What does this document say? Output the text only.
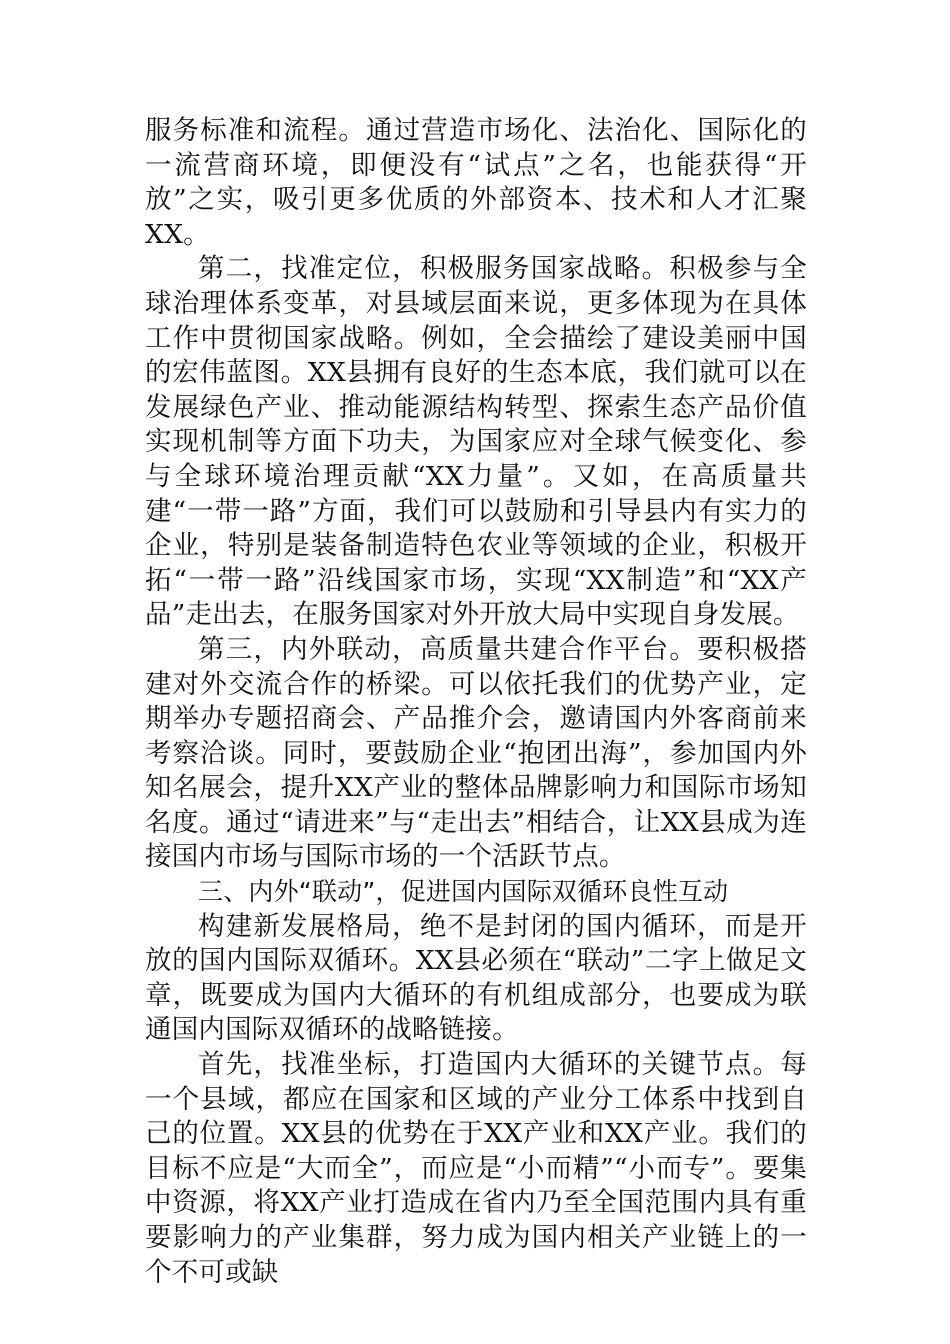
服务标准和流程。通过营造市场化、法治化、国际化的一流营商环境，即便没有“试点”之名，也能获得“开放”之实，吸引更多优质的外部资本、技术和人才汇聚XX。

第二，找准定位，积极服务国家战略。积极参与全球治理体系变革，对县域层面来说，更多体现为在具体工作中贯彻国家战略。例如，全会描绘了建设美丽中国的宏伟蓝图。XX县拥有良好的生态本底，我们就可以在发展绿色产业、推动能源结构转型、探索生态产品价值实现机制等方面下功夫，为国家应对全球气候变化、参与全球环境治理贡献“XX力量”。又如，在高质量共建“一带一路”方面，我们可以鼓励和引导县内有实力的企业，特别是装备制造特色农业等领域的企业，积极开拓“一带一路”沿线国家市场，实现“XX制造”和“XX产品”走出去，在服务国家对外开放大局中实现自身发展。

第三，内外联动，高质量共建合作平台。要积极搭建对外交流合作的桥梁。可以依托我们的优势产业，定期举办专题招商会、产品推介会，邀请国内外客商前来考察洽谈。同时，要鼓励企业“抱团出海”，参加国内外知名展会，提升XX产业的整体品牌影响力和国际市场知名度。通过“请进来”与“走出去”相结合，让XX县成为连接国内市场与国际市场的一个活跃节点。

三、内外“联动”，促进国内国际双循环良性互动

构建新发展格局，绝不是封闭的国内循环，而是开放的国内国际双循环。XX县必须在“联动”二字上做足文章，既要成为国内大循环的有机组成部分，也要成为联通国内国际双循环的战略链接。

首先，找准坐标，打造国内大循环的关键节点。每一个县域，都应在国家和区域的产业分工体系中找到自己的位置。XX县的优势在于XX产业和XX产业。我们的目标不应是“大而全”，而应是“小而精”“小而专”。要集中资源，将XX产业打造成在省内乃至全国范围内具有重要影响力的产业集群，努力成为国内相关产业链上的一个不可或缺
